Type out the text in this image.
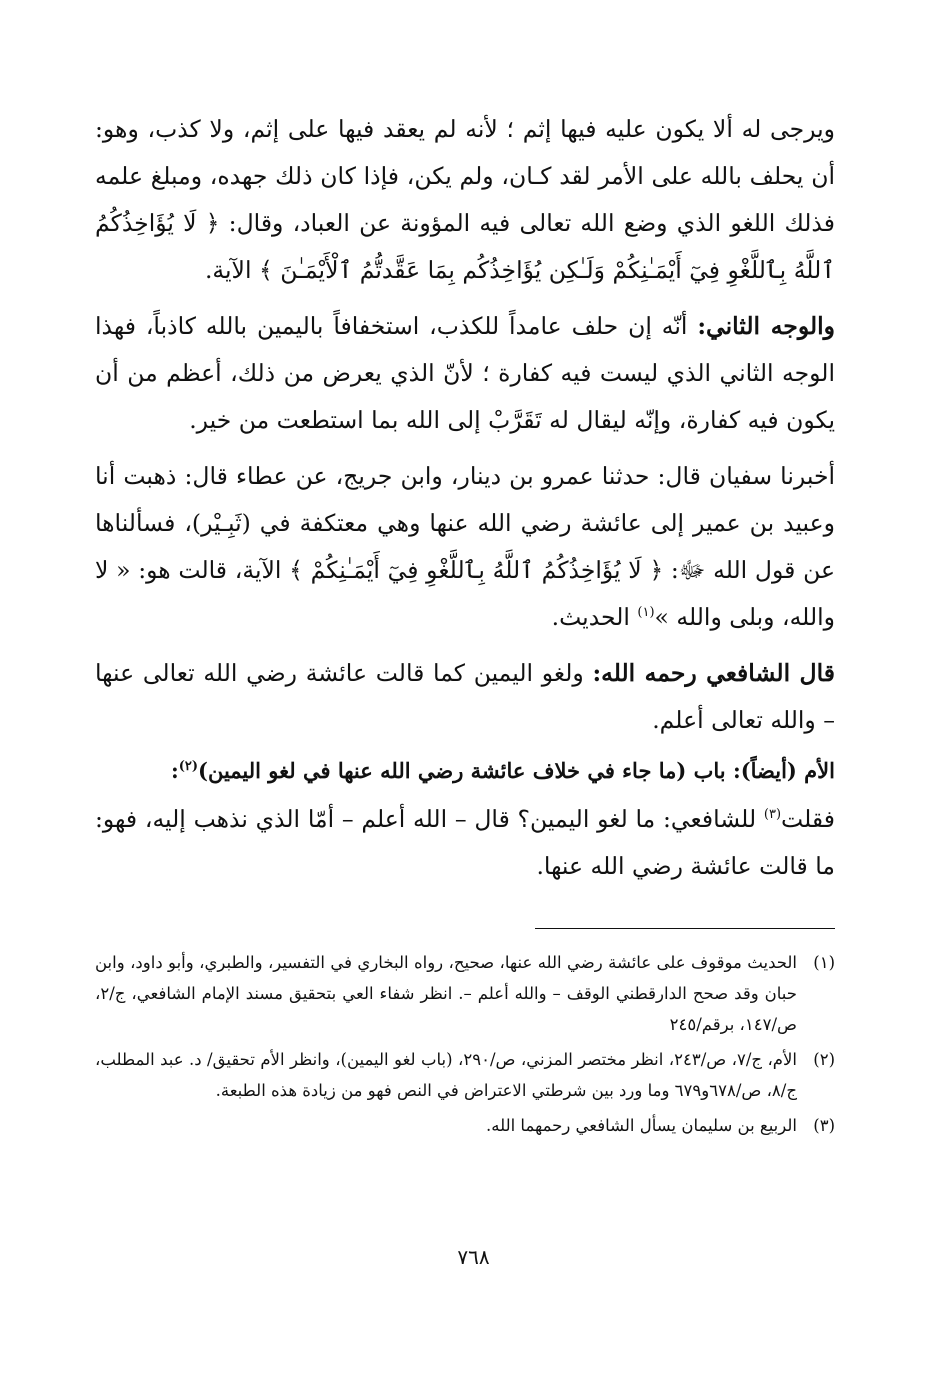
ويرجى له ألا يكون عليه فيها إثم ؛ لأنه لم يعقد فيها على إثم، ولا كذب، وهو: أن يحلف بالله على الأمر لقد كـان، ولم يكن، فإذا كان ذلك جهده، ومبلغ علمه فذلك اللغو الذي وضع الله تعالى فيه المؤونة عن العباد، وقال: ﴿ لَا يُؤَاخِذُكُمُ ٱللَّهُ بِٱللَّغْوِ فِيٓ أَيْمَـٰنِكُمْ وَلَـٰكِن يُؤَاخِذُكُم بِمَا عَقَّدتُّمُ ٱلْأَيْمَـٰنَ ﴾ الآية.

والوجه الثاني: أنّه إن حلف عامداً للكذب، استخفافاً باليمين بالله كاذباً، فهذا الوجه الثاني الذي ليست فيه كفارة ؛ لأنّ الذي يعرض من ذلك، أعظم من أن يكون فيه كفارة، وإنّه ليقال له تَقَرَّبْ إلى الله بما استطعت من خير.

أخبرنا سفيان قال: حدثنا عمرو بن دينار، وابن جريج، عن عطاء قال: ذهبت أنا وعبيد بن عمير إلى عائشة رضي الله عنها وهي معتكفة في (ثَبِـيْر)، فسألناها عن قول الله ﷻ: ﴿ لَا يُؤَاخِذُكُمُ ٱللَّهُ بِٱللَّغْوِ فِيٓ أَيْمَـٰنِكُمْ ﴾ الآية، قالت هو: « لا والله، وبلى والله »$^{(١)}$ الحديث.

قال الشافعي رحمه الله: ولغو اليمين كما قالت عائشة رضي الله تعالى عنها – والله تعالى أعلم.

الأم (أيضاً): باب (ما جاء في خلاف عائشة رضي الله عنها في لغو اليمين)$^{(٢)}$:

فقلت$^{(٣)}$ للشافعي: ما لغو اليمين؟ قال – الله أعلم – أمّا الذي نذهب إليه، فهو: ما قالت عائشة رضي الله عنها.

(١)
الحديث موقوف على عائشة رضي الله عنها، صحيح، رواه البخاري في التفسير، والطبري، وأبو داود، وابن حبان وقد صحح الدارقطني الوقف – والله أعلم –. انظر شفاء العي بتحقيق مسند الإمام الشافعي، ج/٢، ص/١٤٧، برقم/٢٤٥
(٢)
الأم، ج/٧، ص/٢٤٣، انظر مختصر المزني، ص/٢٩٠، (باب لغو اليمين)، وانظر الأم تحقيق/ د. عبد المطلب، ج/٨، ص/٦٧٨و٦٧٩ وما ورد بين شرطتي الاعتراض في النص فهو من زيادة هذه الطبعة.
(٣)
الربيع بن سليمان يسأل الشافعي رحمهما الله.
٧٦٨
